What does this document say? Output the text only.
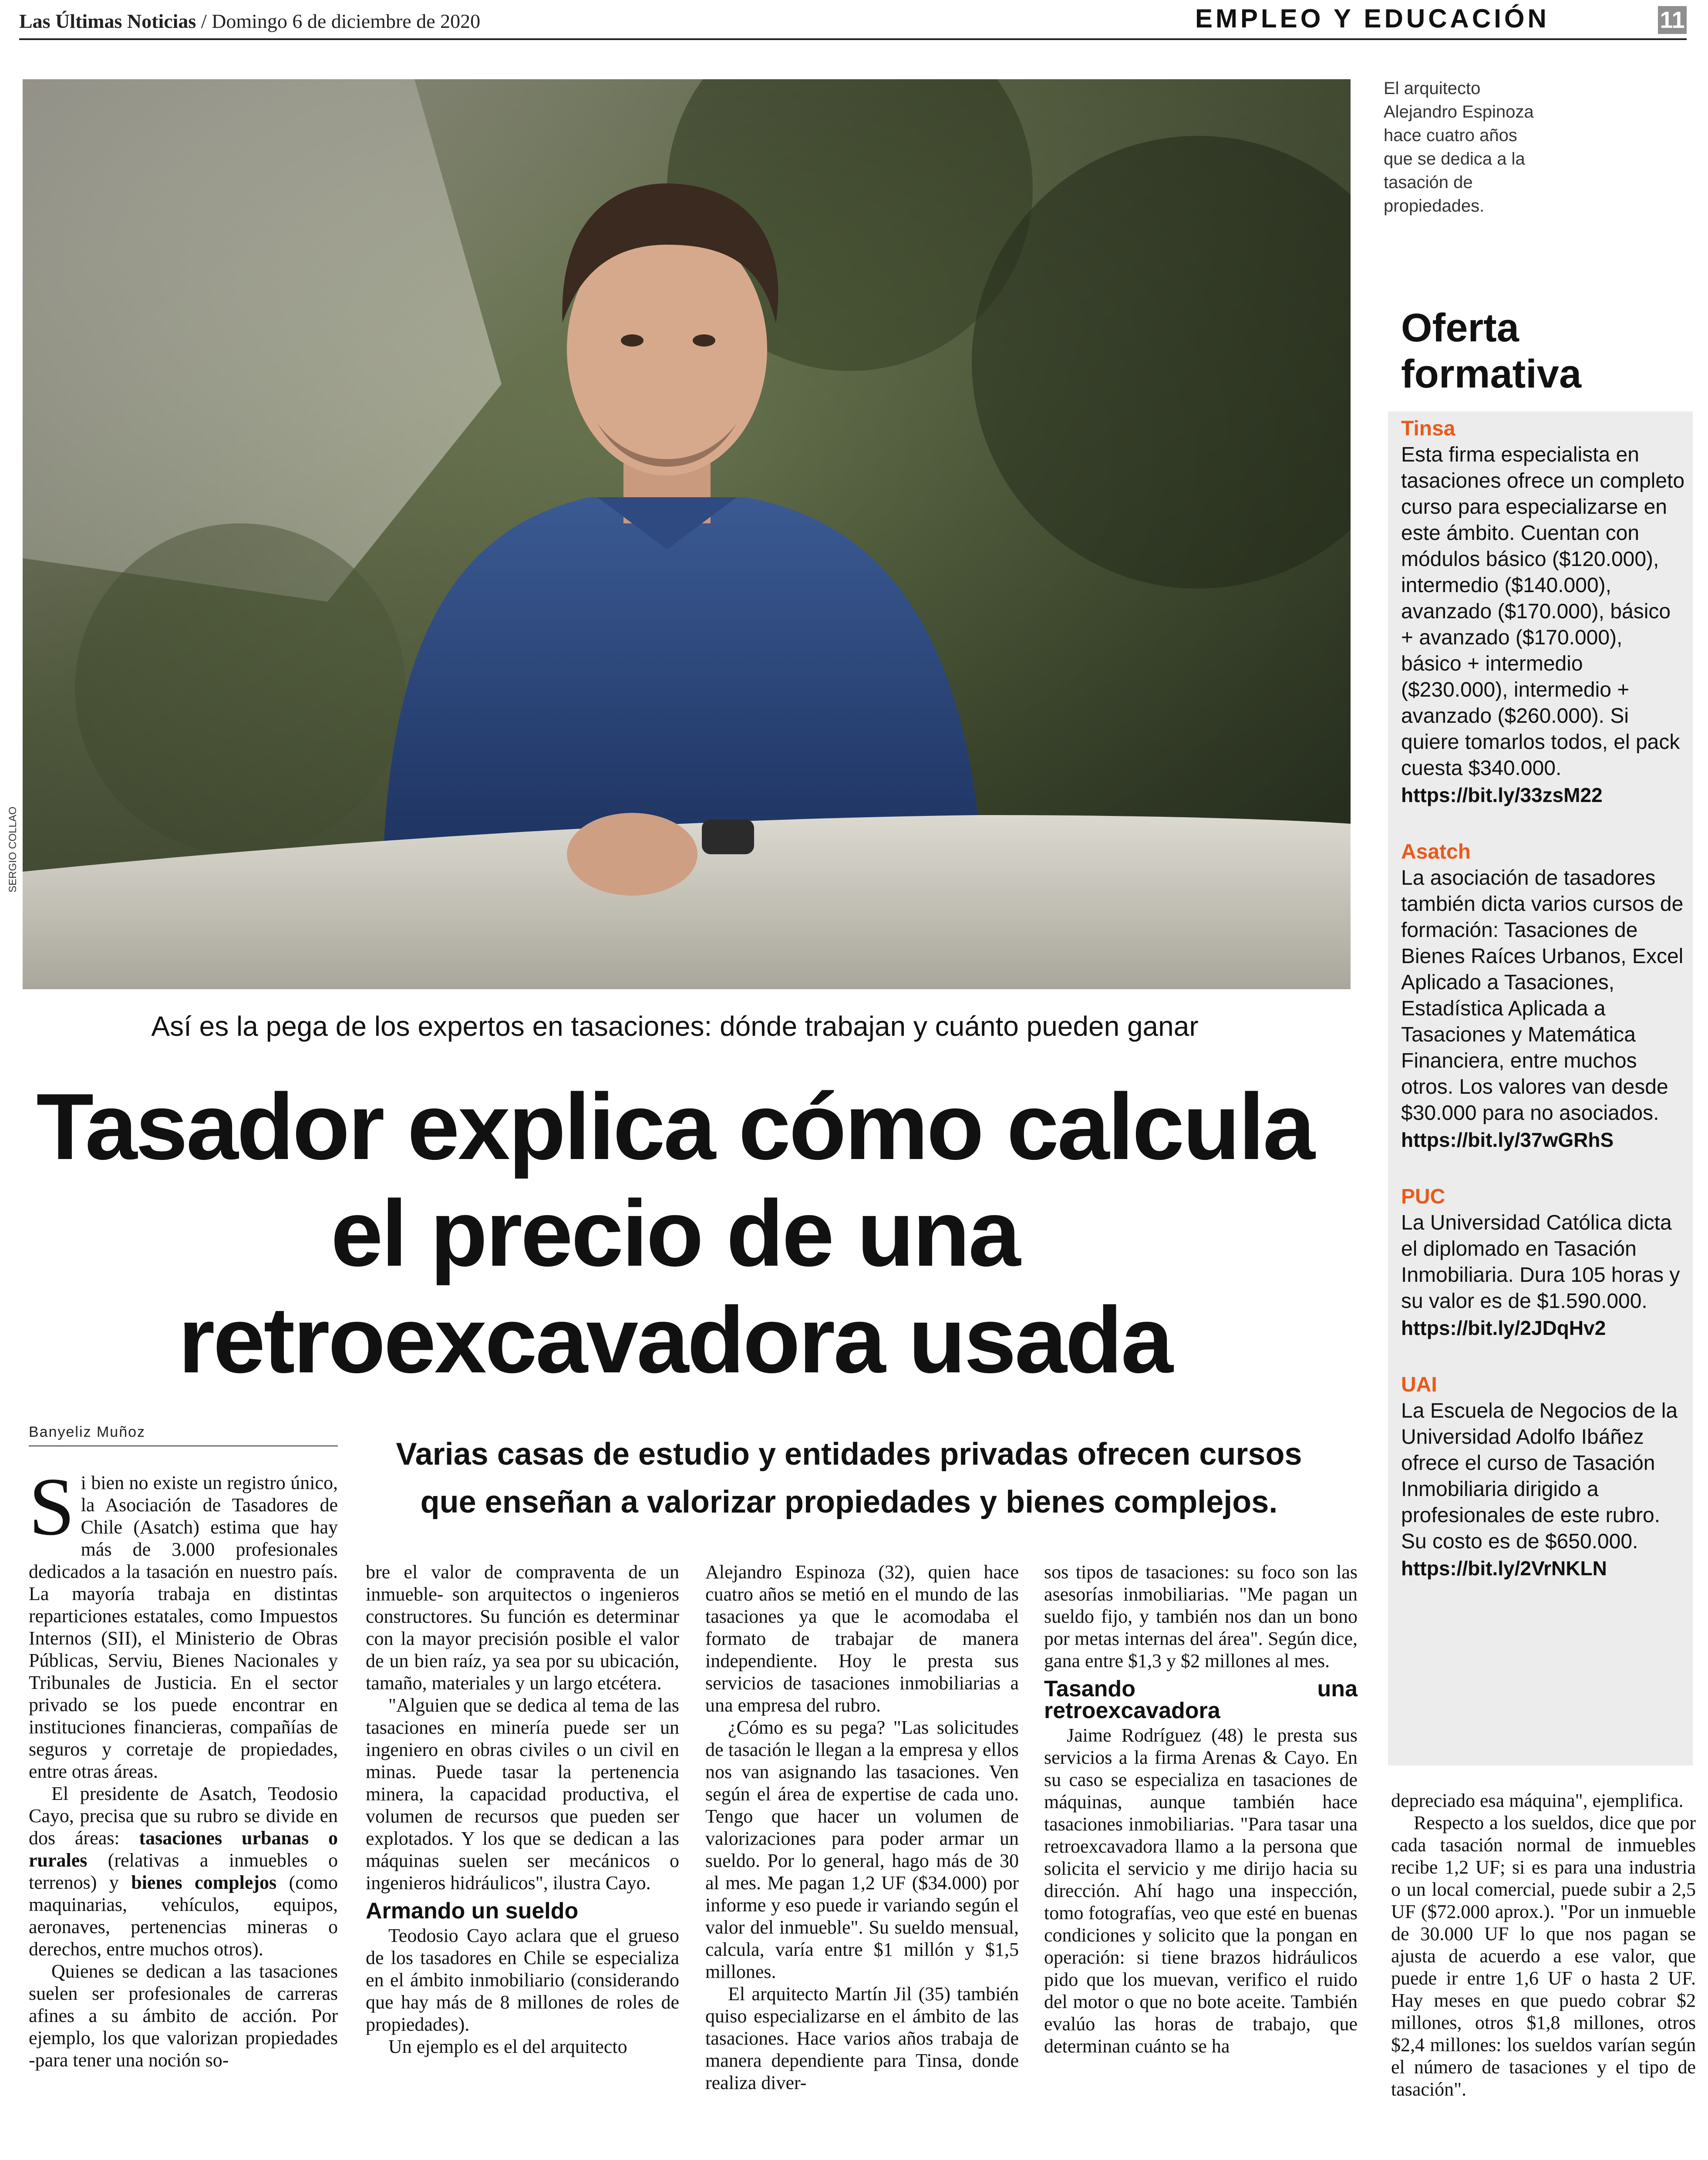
Las Últimas Noticias / Domingo 6 de diciembre de 2020	EMPLEO Y EDUCACIÓN	11
SERGIO COLLAO
El arquitecto Alejandro Espinoza hace cuatro años que se dedica a la tasación de propiedades.
Oferta formativa
Tinsa
Esta firma especialista en tasaciones ofrece un completo curso para especializarse en este ámbito. Cuentan con módulos básico ($120.000), intermedio ($140.000), avanzado ($170.000), básico + avanzado ($170.000), básico + intermedio ($230.000), intermedio + avanzado ($260.000). Si quiere tomarlos todos, el pack cuesta $340.000.
https://bit.ly/33zsM22
Asatch
La asociación de tasadores también dicta varios cursos de formación: Tasaciones de Bienes Raíces Urbanos, Excel Aplicado a Tasaciones, Estadística Aplicada a Tasaciones y Matemática Financiera, entre muchos otros. Los valores van desde $30.000 para no asociados.
https://bit.ly/37wGRhS
PUC
La Universidad Católica dicta el diplomado en Tasación Inmobiliaria. Dura 105 horas y su valor es de $1.590.000.
https://bit.ly/2JDqHv2
UAI
La Escuela de Negocios de la Universidad Adolfo Ibáñez ofrece el curso de Tasación Inmobiliaria dirigido a profesionales de este rubro. Su costo es de $650.000.
https://bit.ly/2VrNKLN
Así es la pega de los expertos en tasaciones: dónde trabajan y cuánto pueden ganar
Tasador explica cómo calcula
el precio de una
retroexcavadora usada
Banyeliz Muñoz
Varias casas de estudio y entidades privadas ofrecen cursos
que enseñan a valorizar propiedades y bienes complejos.

Si bien no existe un registro único, la Asociación de Tasadores de Chile (Asatch) estima que hay más de 3.000 profesionales dedicados a la tasación en nuestro país. La mayoría trabaja en distintas reparticiones estatales, como Impuestos Internos (SII), el Ministerio de Obras Públicas, Serviu, Bienes Nacionales y Tribunales de Justicia. En el sector privado se los puede encontrar en instituciones financieras, compañías de seguros y corretaje de propiedades, entre otras áreas.

El presidente de Asatch, Teodosio Cayo, precisa que su rubro se divide en dos áreas: tasaciones urbanas o rurales (relativas a inmuebles o terrenos) y bienes complejos (como maquinarias, vehículos, equipos, aeronaves, pertenencias mineras o derechos, entre muchos otros).

Quienes se dedican a las tasaciones suelen ser profesionales de carreras afines a su ámbito de acción. Por ejemplo, los que valorizan propiedades -para tener una noción so-

bre el valor de compraventa de un inmueble- son arquitectos o ingenieros constructores. Su función es determinar con la mayor precisión posible el valor de un bien raíz, ya sea por su ubicación, tamaño, materiales y un largo etcétera.

"Alguien que se dedica al tema de las tasaciones en minería puede ser un ingeniero en obras civiles o un civil en minas. Puede tasar la pertenencia minera, la capacidad productiva, el volumen de recursos que pueden ser explotados. Y los que se dedican a las máquinas suelen ser mecánicos o ingenieros hidráulicos", ilustra Cayo.

Armando un sueldo

Teodosio Cayo aclara que el grueso de los tasadores en Chile se especializa en el ámbito inmobiliario (considerando que hay más de 8 millones de roles de propiedades).

Un ejemplo es el del arquitecto

Alejandro Espinoza (32), quien hace cuatro años se metió en el mundo de las tasaciones ya que le acomodaba el formato de trabajar de manera independiente. Hoy le presta sus servicios de tasaciones inmobiliarias a una empresa del rubro.

¿Cómo es su pega? "Las solicitudes de tasación le llegan a la empresa y ellos nos van asignando las tasaciones. Ven según el área de expertise de cada uno. Tengo que hacer un volumen de valorizaciones para poder armar un sueldo. Por lo general, hago más de 30 al mes. Me pagan 1,2 UF ($34.000) por informe y eso puede ir variando según el valor del inmueble". Su sueldo mensual, calcula, varía entre $1 millón y $1,5 millones.

El arquitecto Martín Jil (35) también quiso especializarse en el ámbito de las tasaciones. Hace varios años trabaja de manera dependiente para Tinsa, donde realiza diver-

sos tipos de tasaciones: su foco son las asesorías inmobiliarias. "Me pagan un sueldo fijo, y también nos dan un bono por metas internas del área". Según dice, gana entre $1,3 y $2 millones al mes.

Tasando una retroexcavadora

Jaime Rodríguez (48) le presta sus servicios a la firma Arenas & Cayo. En su caso se especializa en tasaciones de máquinas, aunque también hace tasaciones inmobiliarias. "Para tasar una retroexcavadora llamo a la persona que solicita el servicio y me dirijo hacia su dirección. Ahí hago una inspección, tomo fotografías, veo que esté en buenas condiciones y solicito que la pongan en operación: si tiene brazos hidráulicos pido que los muevan, verifico el ruido del motor o que no bote aceite. También evalúo las horas de trabajo, que determinan cuánto se ha

depreciado esa máquina", ejemplifica.

Respecto a los sueldos, dice que por cada tasación normal de inmuebles recibe 1,2 UF; si es para una industria o un local comercial, puede subir a 2,5 UF ($72.000 aprox.). "Por un inmueble de 30.000 UF lo que nos pagan se ajusta de acuerdo a ese valor, que puede ir entre 1,6 UF o hasta 2 UF. Hay meses en que puedo cobrar $2 millones, otros $1,8 millones, otros $2,4 millones: los sueldos varían según el número de tasaciones y el tipo de tasación".
